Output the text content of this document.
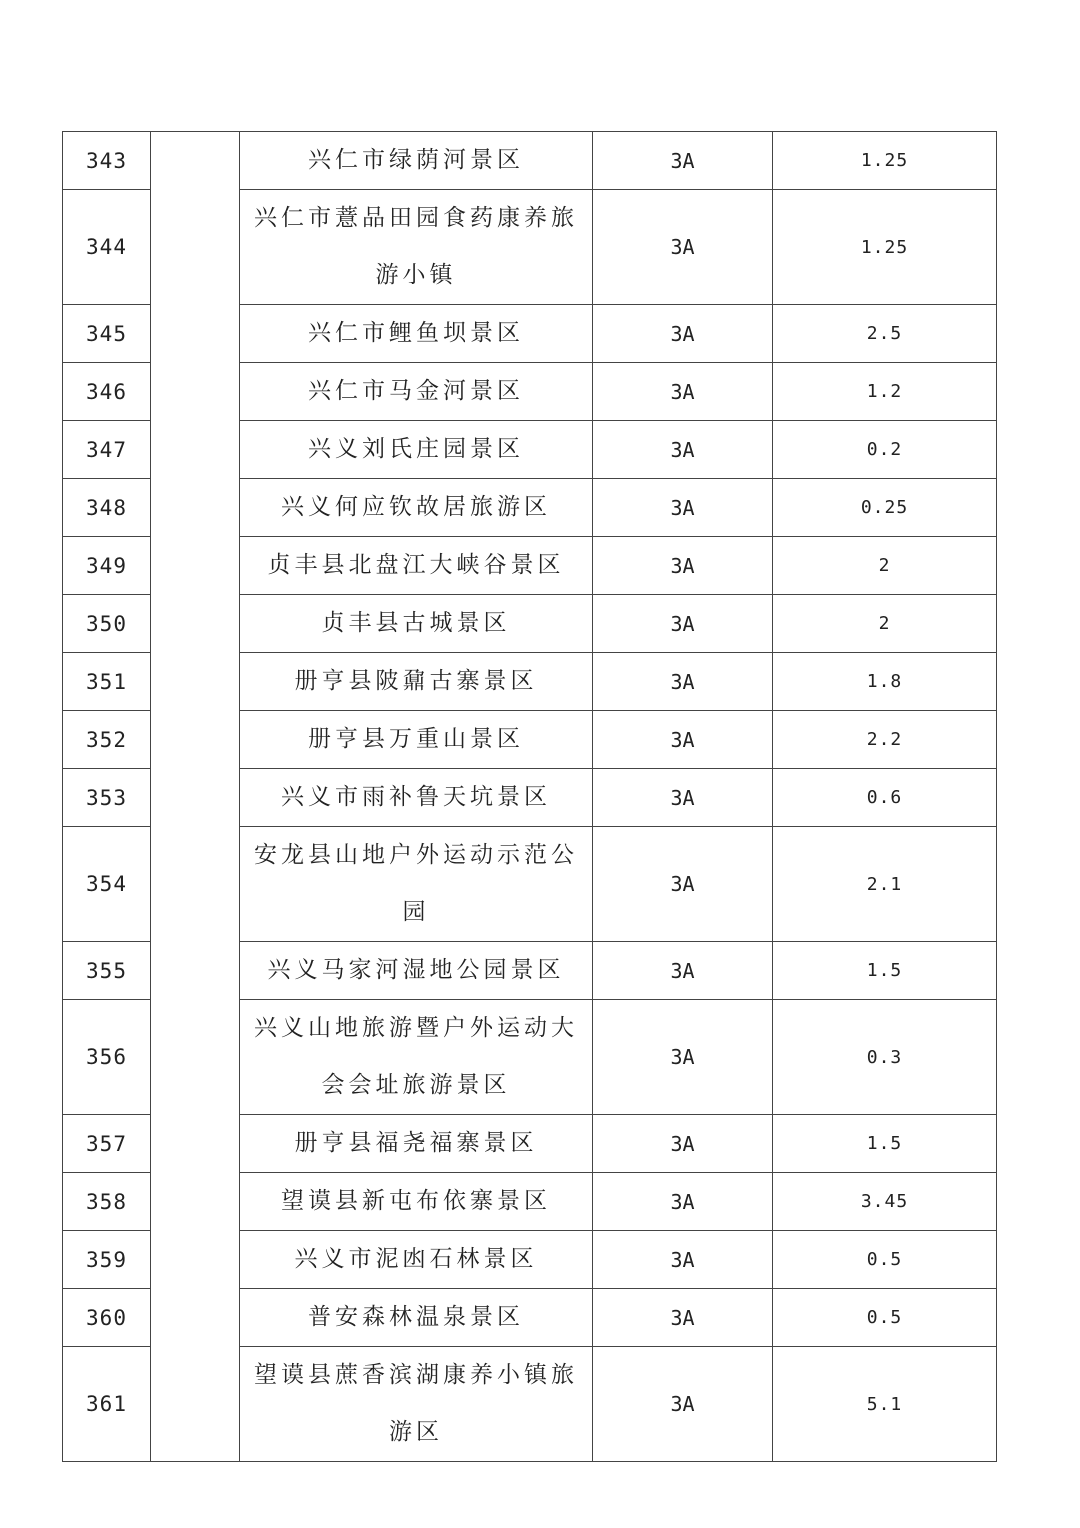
343		兴仁市绿荫河景区	3A	1.25
344		兴仁市薏品田园食药康养旅游小镇	3A	1.25
345		兴仁市鲤鱼坝景区	3A	2.5
346		兴仁市马金河景区	3A	1.2
347		兴义刘氏庄园景区	3A	0.2
348		兴义何应钦故居旅游区	3A	0.25
349		贞丰县北盘江大峡谷景区	3A	2
350		贞丰县古城景区	3A	2
351		册亨县陂鼐古寨景区	3A	1.8
352		册亨县万重山景区	3A	2.2
353		兴义市雨补鲁天坑景区	3A	0.6
354		安龙县山地户外运动示范公园	3A	2.1
355		兴义马家河湿地公园景区	3A	1.5
356		兴义山地旅游暨户外运动大会会址旅游景区	3A	0.3
357		册亨县福尧福寨景区	3A	1.5
358		望谟县新屯布依寨景区	3A	3.45
359		兴义市泥凼石林景区	3A	0.5
360		普安森林温泉景区	3A	0.5
361		望谟县蔗香滨湖康养小镇旅游区	3A	5.1
